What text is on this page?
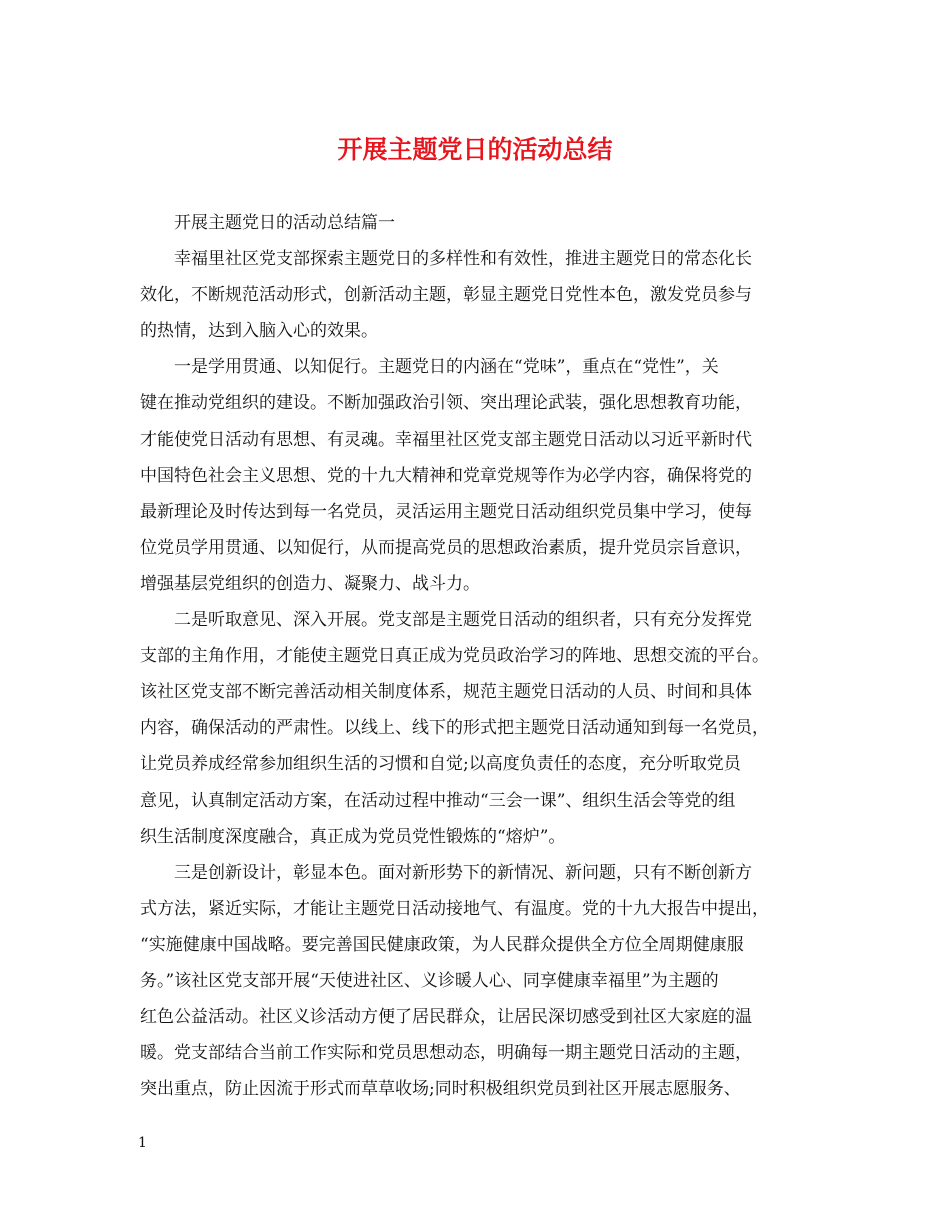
开展主题党日的活动总结

开展主题党日的活动总结篇一

幸福里社区党支部探索主题党日的多样性和有效性，推进主题党日的常态化长
效化，不断规范活动形式，创新活动主题，彰显主题党日党性本色，激发党员参与
的热情，达到入脑入心的效果。

一是学用贯通、以知促行。主题党日的内涵在“党味”，重点在“党性”，关
键在推动党组织的建设。不断加强政治引领、突出理论武装，强化思想教育功能，
才能使党日活动有思想、有灵魂。幸福里社区党支部主题党日活动以习近平新时代
中国特色社会主义思想、党的十九大精神和党章党规等作为必学内容，确保将党的
最新理论及时传达到每一名党员，灵活运用主题党日活动组织党员集中学习，使每
位党员学用贯通、以知促行，从而提高党员的思想政治素质，提升党员宗旨意识，
增强基层党组织的创造力、凝聚力、战斗力。

二是听取意见、深入开展。党支部是主题党日活动的组织者，只有充分发挥党
支部的主角作用，才能使主题党日真正成为党员政治学习的阵地、思想交流的平台。
该社区党支部不断完善活动相关制度体系，规范主题党日活动的人员、时间和具体
内容，确保活动的严肃性。以线上、线下的形式把主题党日活动通知到每一名党员，
让党员养成经常参加组织生活的习惯和自觉;以高度负责任的态度，充分听取党员
意见，认真制定活动方案，在活动过程中推动“三会一课”、组织生活会等党的组
织生活制度深度融合，真正成为党员党性锻炼的“熔炉”。

三是创新设计，彰显本色。面对新形势下的新情况、新问题，只有不断创新方
式方法，紧近实际，才能让主题党日活动接地气、有温度。党的十九大报告中提出，
“实施健康中国战略。要完善国民健康政策，为人民群众提供全方位全周期健康服
务。”该社区党支部开展“天使进社区、义诊暖人心、同享健康幸福里”为主题的
红色公益活动。社区义诊活动方便了居民群众，让居民深切感受到社区大家庭的温
暖。党支部结合当前工作实际和党员思想动态，明确每一期主题党日活动的主题，
突出重点，防止因流于形式而草草收场;同时积极组织党员到社区开展志愿服务、

1
